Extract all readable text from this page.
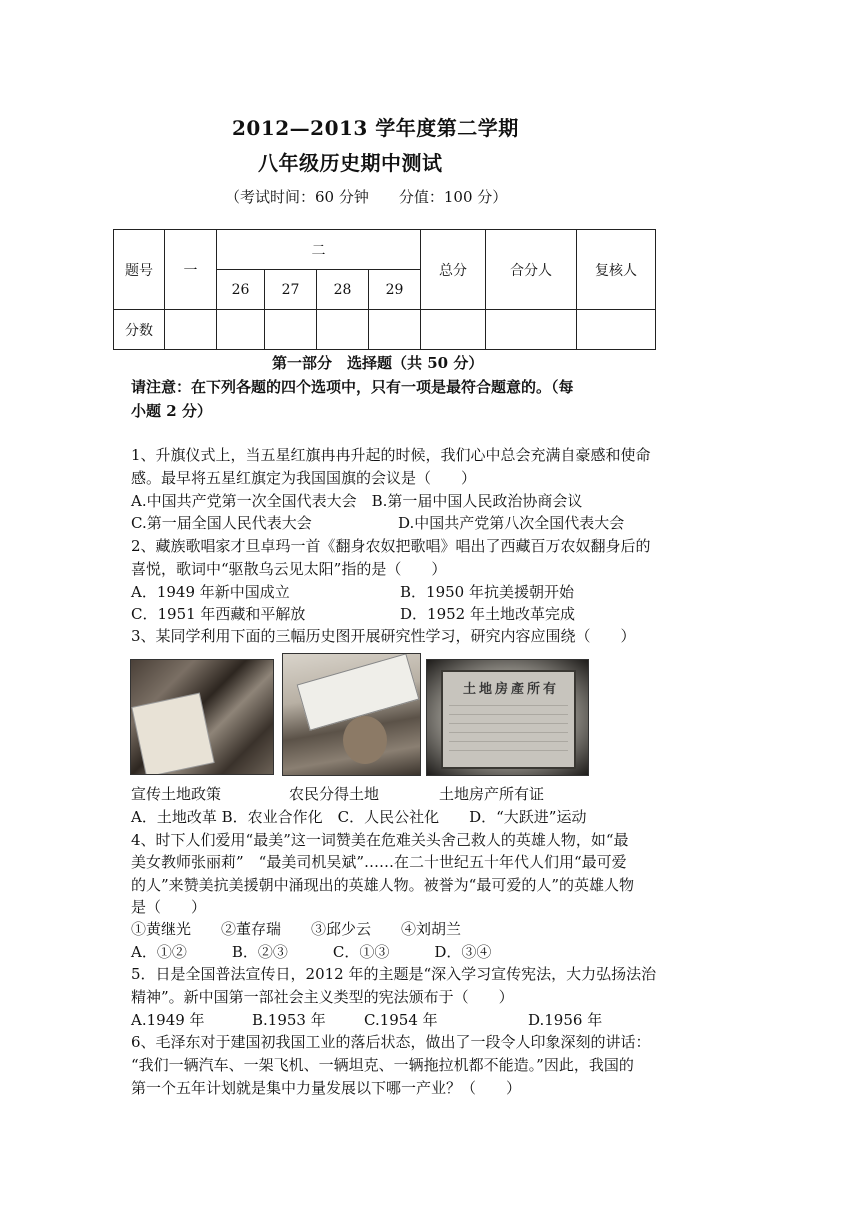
2012—2013 学年度第二学期
八年级历史期中测试
（考试时间：60 分钟　　分值：100 分）
题号	一	二				总分	合分人	复核人
		26	27	28	29			
分数								
第一部分　选择题（共 50 分）
请注意：在下列各题的四个选项中，只有一项是最符合题意的。（每
小题 2 分）
1、升旗仪式上，当五星红旗冉冉升起的时候，我们心中总会充满自豪感和使命
感。最早将五星红旗定为我国国旗的会议是（　　）
A.中国共产党第一次全国代表大会　B.第一届中国人民政治协商会议
C.第一届全国人民代表大会	D.中国共产党第八次全国代表大会
2、藏族歌唱家才旦卓玛一首《翻身农奴把歌唱》唱出了西藏百万农奴翻身后的
喜悦，歌词中“驱散乌云见太阳”指的是（　　）
A．1949 年新中国成立	B．1950 年抗美援朝开始
C．1951 年西藏和平解放	D．1952 年土地改革完成
3、某同学利用下面的三幅历史图开展研究性学习，研究内容应围绕（　　）
土地房產所有
宣传土地政策	农民分得土地	土地房产所有证
A．土地改革 B．农业合作化　C．人民公社化　　D．“大跃进”运动
4、时下人们爱用“最美”这一词赞美在危难关头舍己救人的英雄人物，如“最
美女教师张丽莉”　“最美司机吴斌”……在二十世纪五十年代人们用“最可爱
的人”来赞美抗美援朝中涌现出的英雄人物。被誉为“最可爱的人”的英雄人物
是（　　）
①黄继光　　②董存瑞　　③邱少云　　④刘胡兰
A．①②　　　B．②③　　　C．①③　　　D．③④
5．日是全国普法宣传日，2012 年的主题是“深入学习宣传宪法，大力弘扬法治
精神”。新中国第一部社会主义类型的宪法颁布于（　　）
A.1949 年	B.1953 年	C.1954 年	D.1956 年
6、毛泽东对于建国初我国工业的落后状态，做出了一段令人印象深刻的讲话：
“我们一辆汽车、一架飞机、一辆坦克、一辆拖拉机都不能造。”因此，我国的
第一个五年计划就是集中力量发展以下哪一产业？（　　）
